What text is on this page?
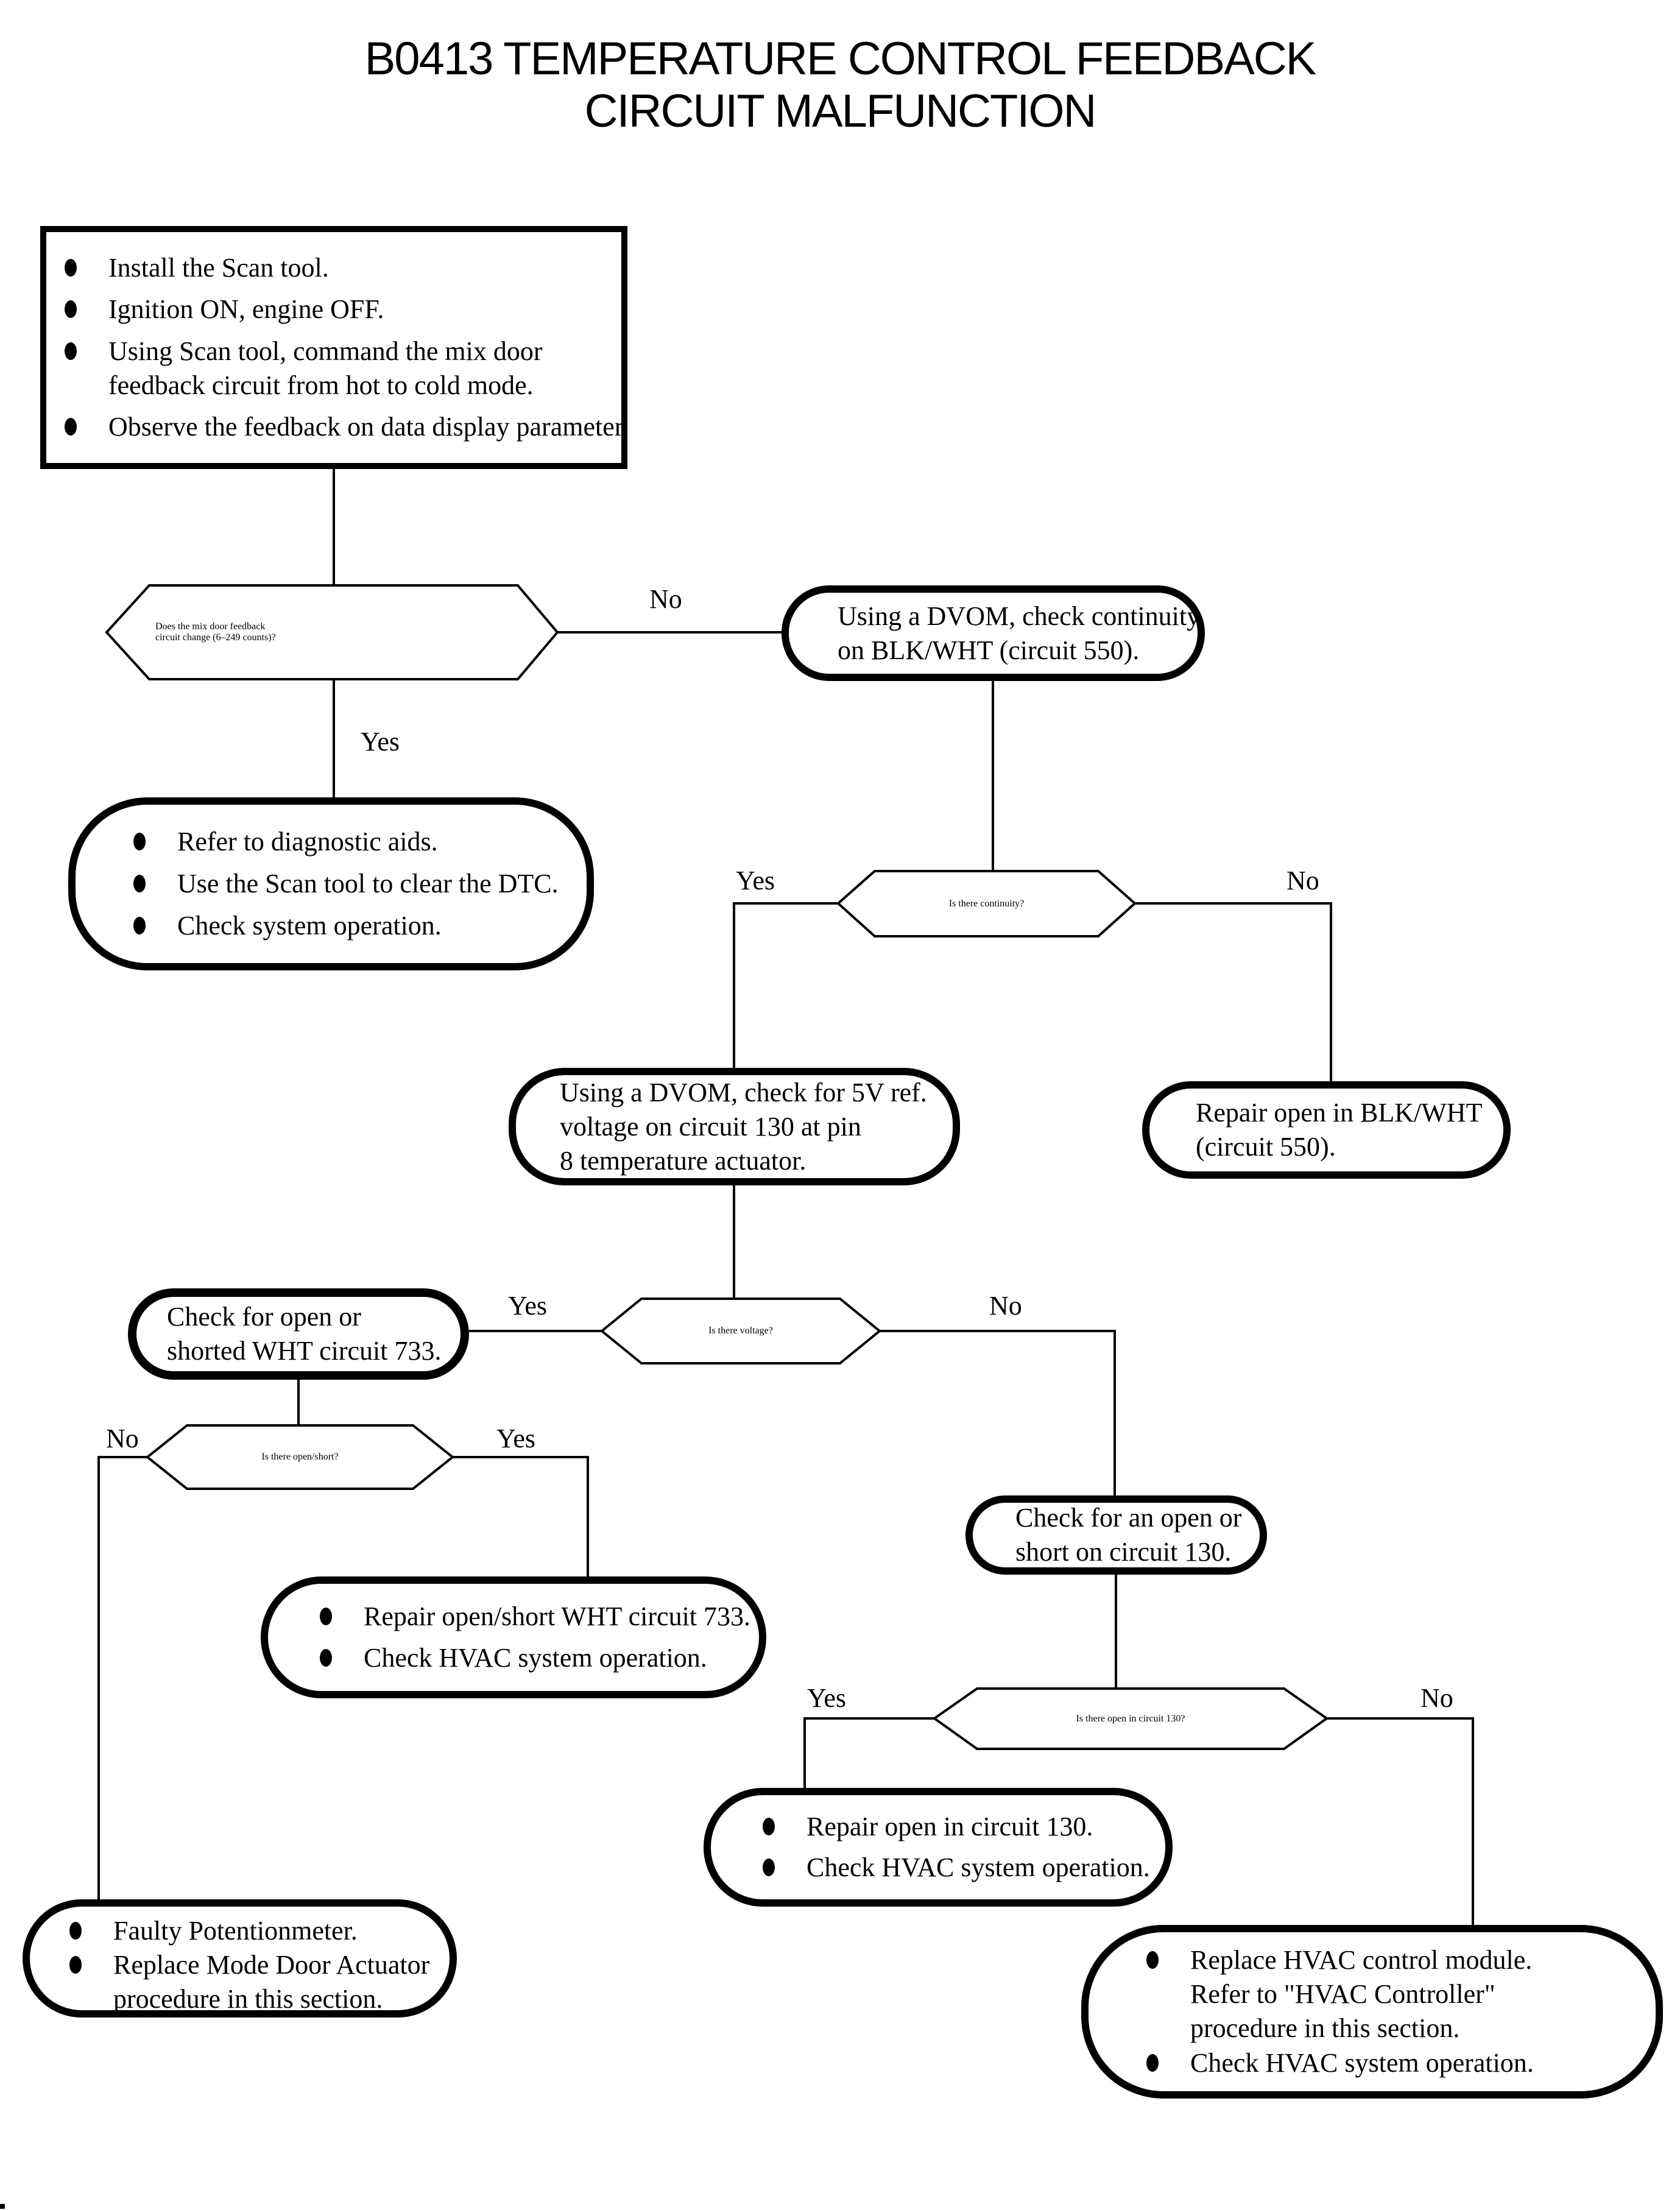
B0413 TEMPERATURE CONTROL FEEDBACK
CIRCUIT MALFUNCTION
Install the Scan tool.
Ignition ON, engine OFF.
Using Scan tool, command the mix door
feedback circuit from hot to cold mode.
Observe the feedback on data display parameter.
Does the mix door feedback
circuit change (6–249 counts)?
Using a DVOM, check continuity
on BLK/WHT (circuit 550).
Refer to diagnostic aids.
Use the Scan tool to clear the DTC.
Check system operation.
Is there continuity?
Using a DVOM, check for 5V ref.
voltage on circuit 130 at pin
8 temperature actuator.
Repair open in BLK/WHT
(circuit 550).
Check for open or
shorted WHT circuit 733.
Is there voltage?
Is there open/short?
Check for an open or
short on circuit 130.
Repair open/short WHT circuit 733.
Check HVAC system operation.
Is there open in circuit 130?
Repair open in circuit 130.
Check HVAC system operation.
Faulty Potentionmeter.
Replace Mode Door Actuator
procedure in this section.
Replace HVAC control module.
Refer to "HVAC Controller"
procedure in this section.
Check HVAC system operation.
No
Yes
Yes	No
Yes	No
No	Yes
Yes	No
